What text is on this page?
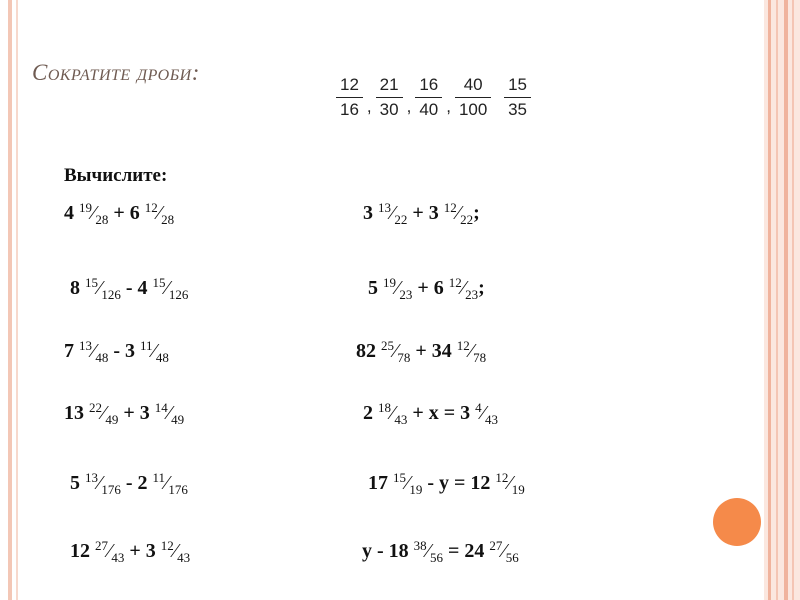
Сократите дроби:	12
16 ,
21
30 ,
16
40 ,
40
100
15
35
Вычислите:
4 $^{19}⁄_{28} + 6$ $^{12}⁄_{28}$	3 $^{13}⁄_{22} + 3$ $^{12}⁄_{22}$;
8 $^{15}⁄_{126} - 4$ $^{15}⁄_{126}$	5 $^{19}⁄_{23} + 6$ $^{12}⁄_{23}$;
7 $^{13}⁄_{48} - 3$ $^{11}⁄_{48}$	82 $^{25}⁄_{78} + 34$ $^{12}⁄_{78}$
13 $^{22}⁄_{49} + 3$ $^{14}⁄_{49}$	2 $^{18}⁄_{43} + x = 3$ $^4⁄_{43}$
5 $^{13}⁄_{176} - 2$ $^{11}⁄_{176}$	17 $^{15}⁄_{19} - y = 12$ $^{12}⁄_{19}$
12 $^{27}⁄_{43} + 3$ $^{12}⁄_{43}$	y - 18 $^{38}⁄_{56} = 24$ $^{27}⁄_{56}$
